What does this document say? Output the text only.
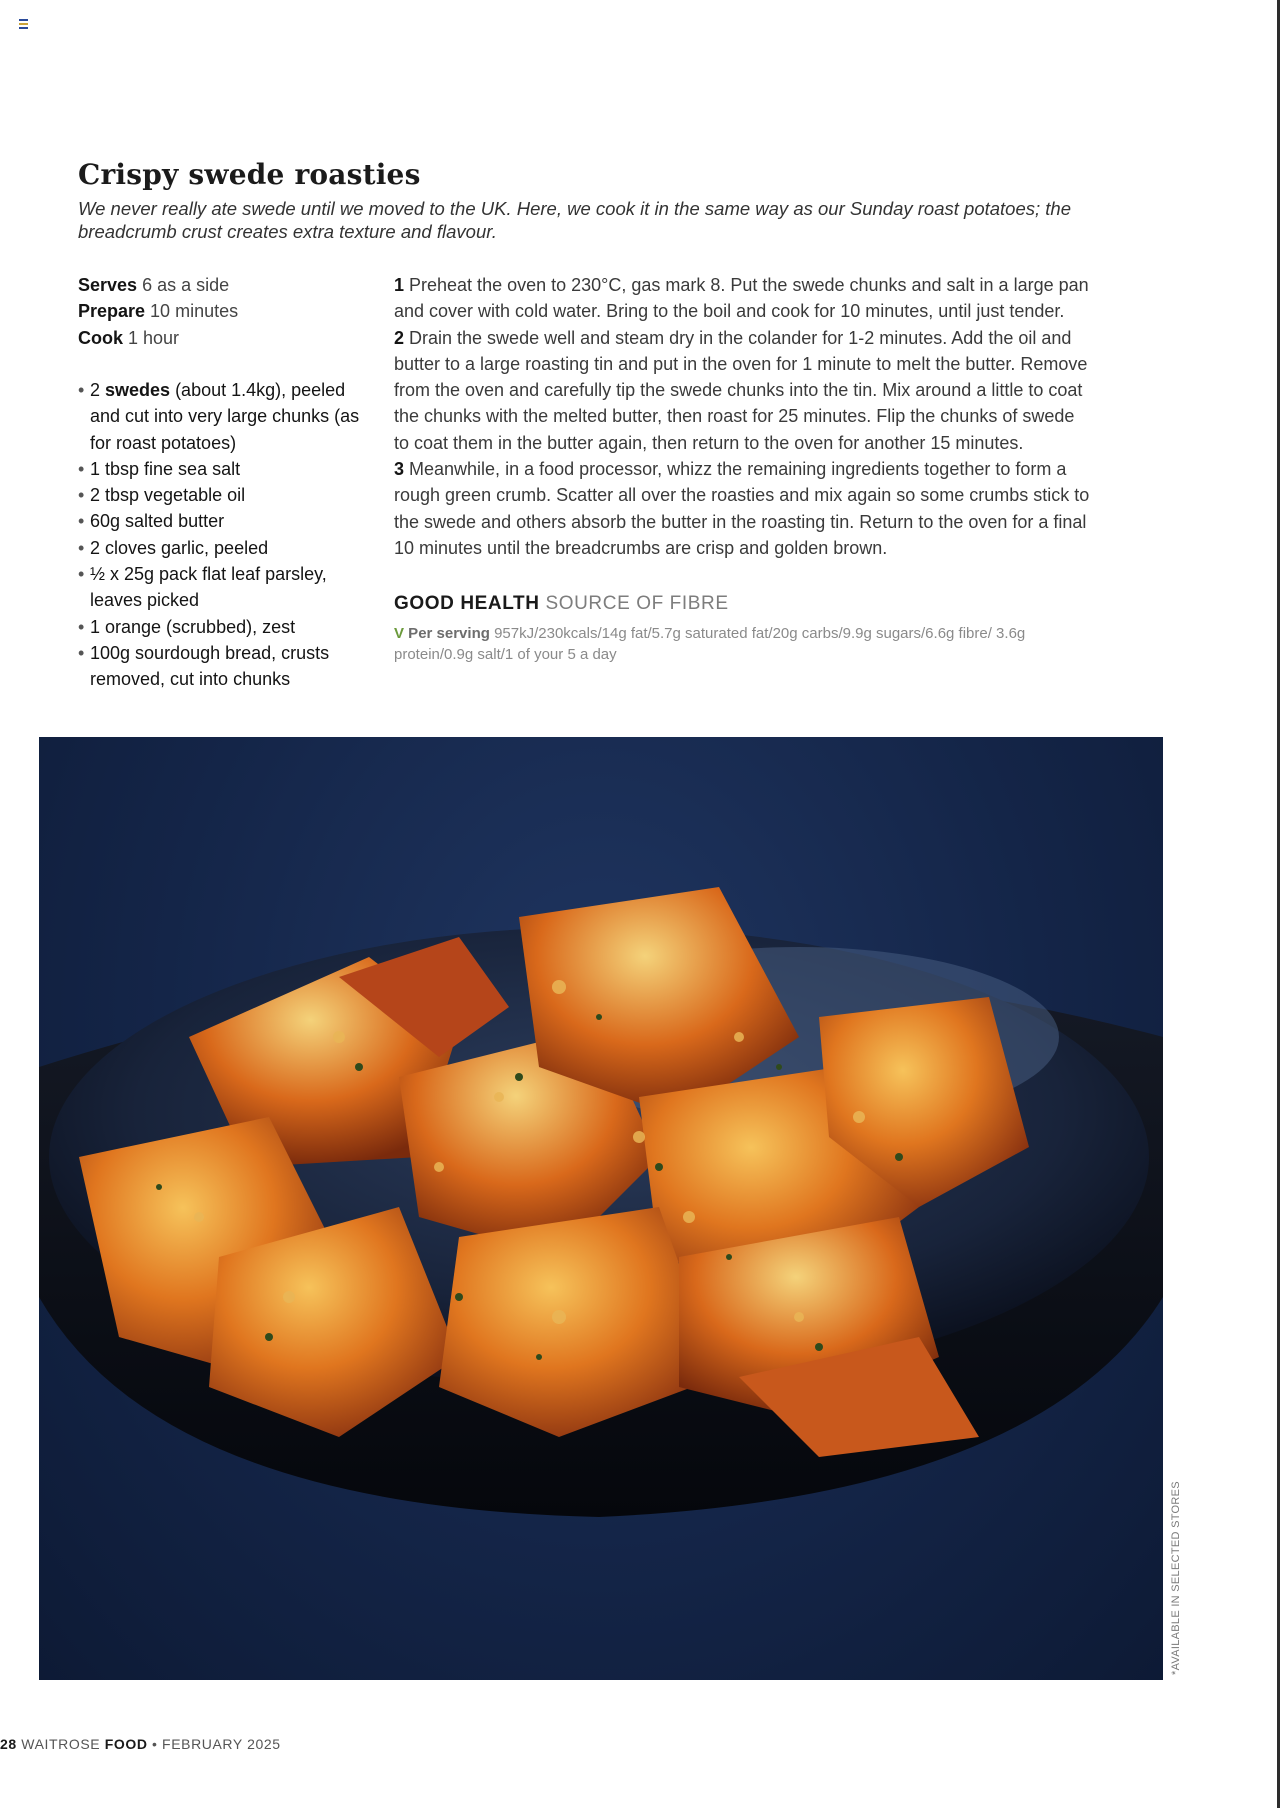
Crispy swede roasties

We never really ate swede until we moved to the UK. Here, we cook it in the same way as our Sunday roast potatoes; the breadcrumb crust creates extra texture and flavour.

Serves 6 as a side
Prepare 10 minutes
Cook 1 hour
• 2 swedes (about 1.4kg), peeled and cut into very large chunks (as for roast potatoes)
• 1 tbsp fine sea salt
• 2 tbsp vegetable oil
• 60g salted butter
• 2 cloves garlic, peeled
• ½ x 25g pack flat leaf parsley, leaves picked
• 1 orange (scrubbed), zest
• 100g sourdough bread, crusts removed, cut into chunks

1 Preheat the oven to 230°C, gas mark 8. Put the swede chunks and salt in a large pan and cover with cold water. Bring to the boil and cook for 10 minutes, until just tender.

2 Drain the swede well and steam dry in the colander for 1-2 minutes. Add the oil and butter to a large roasting tin and put in the oven for 1 minute to melt the butter. Remove from the oven and carefully tip the swede chunks into the tin. Mix around a little to coat the chunks with the melted butter, then roast for 25 minutes. Flip the chunks of swede to coat them in the butter again, then return to the oven for another 15 minutes.

3 Meanwhile, in a food processor, whizz the remaining ingredients together to form a rough green crumb. Scatter all over the roasties and mix again so some crumbs stick to the swede and others absorb the butter in the roasting tin. Return to the oven for a final 10 minutes until the breadcrumbs are crisp and golden brown.

GOOD HEALTH SOURCE OF FIBRE
V Per serving 957kJ/230kcals/14g fat/5.7g saturated fat/20g carbs/9.9g sugars/6.6g fibre/ 3.6g protein/0.9g salt/1 of your 5 a day
*AVAILABLE IN SELECTED STORES
28 WAITROSE FOOD • FEBRUARY 2025
